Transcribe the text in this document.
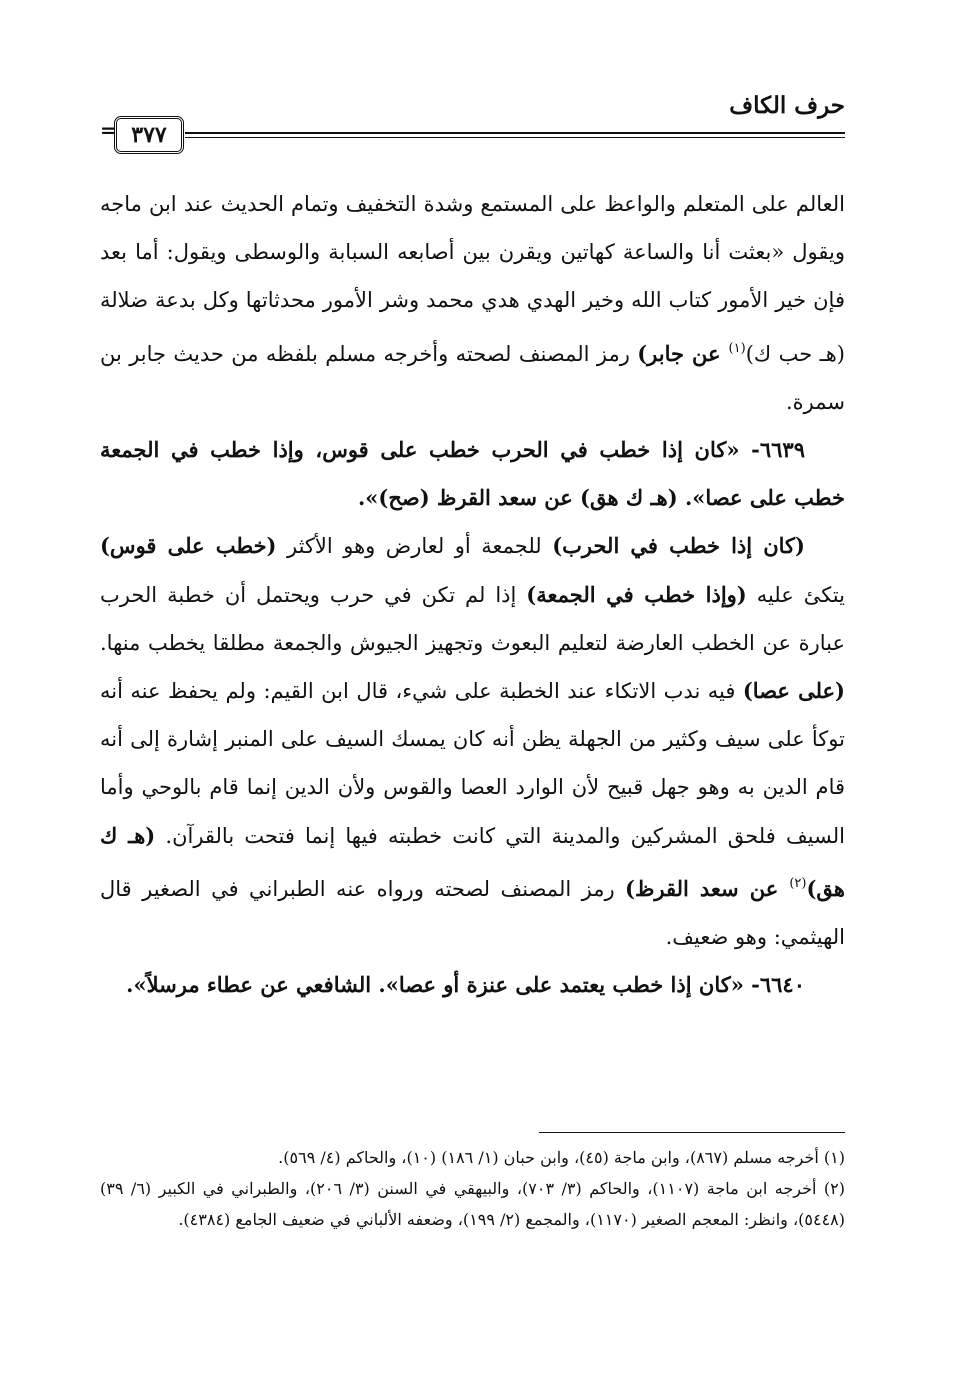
حرف الكاف
٣٧٧
=

العالم على المتعلم والواعظ على المستمع وشدة التخفيف وتمام الحديث عند ابن ماجه ويقول «بعثت أنا والساعة كهاتين ويقرن بين أصابعه السبابة والوسطى ويقول: أما بعد فإن خير الأمور كتاب الله وخير الهدي هدي محمد وشر الأمور محدثاتها وكل بدعة ضلالة (هـ حب ك)$^{(١)}$ عن جابر) رمز المصنف لصحته وأخرجه مسلم بلفظه من حديث جابر بن سمرة.

٦٦٣٩- «كان إذا خطب في الحرب خطب على قوس، وإذا خطب في الجمعة خطب على عصا». (هـ ك هق) عن سعد القرظ (صح)».

(كان إذا خطب في الحرب) للجمعة أو لعارض وهو الأكثر (خطب على قوس) يتكئ عليه (وإذا خطب في الجمعة) إذا لم تكن في حرب ويحتمل أن خطبة الحرب عبارة عن الخطب العارضة لتعليم البعوث وتجهيز الجيوش والجمعة مطلقا يخطب منها. (على عصا) فيه ندب الاتكاء عند الخطبة على شيء، قال ابن القيم: ولم يحفظ عنه أنه توكأ على سيف وكثير من الجهلة يظن أنه كان يمسك السيف على المنبر إشارة إلى أنه قام الدين به وهو جهل قبيح لأن الوارد العصا والقوس ولأن الدين إنما قام بالوحي وأما السيف فلحق المشركين والمدينة التي كانت خطبته فيها إنما فتحت بالقرآن. (هـ ك هق)$^{(٢)}$ عن سعد القرظ) رمز المصنف لصحته ورواه عنه الطبراني في الصغير قال الهيثمي: وهو ضعيف.

٦٦٤٠- «كان إذا خطب يعتمد على عنزة أو عصا». الشافعي عن عطاء مرسلاً».

(١) أخرجه مسلم (٨٦٧)، وابن ماجة (٤٥)، وابن حبان (١/ ١٨٦) (١٠)، والحاكم (٤/ ٥٦٩).

(٢) أخرجه ابن ماجة (١١٠٧)، والحاكم (٣/ ٧٠٣)، والبيهقي في السنن (٣/ ٢٠٦)، والطبراني في الكبير (٦/ ٣٩) (٥٤٤٨)، وانظر: المعجم الصغير (١١٧٠)، والمجمع (٢/ ١٩٩)، وضعفه الألباني في ضعيف الجامع (٤٣٨٤).
